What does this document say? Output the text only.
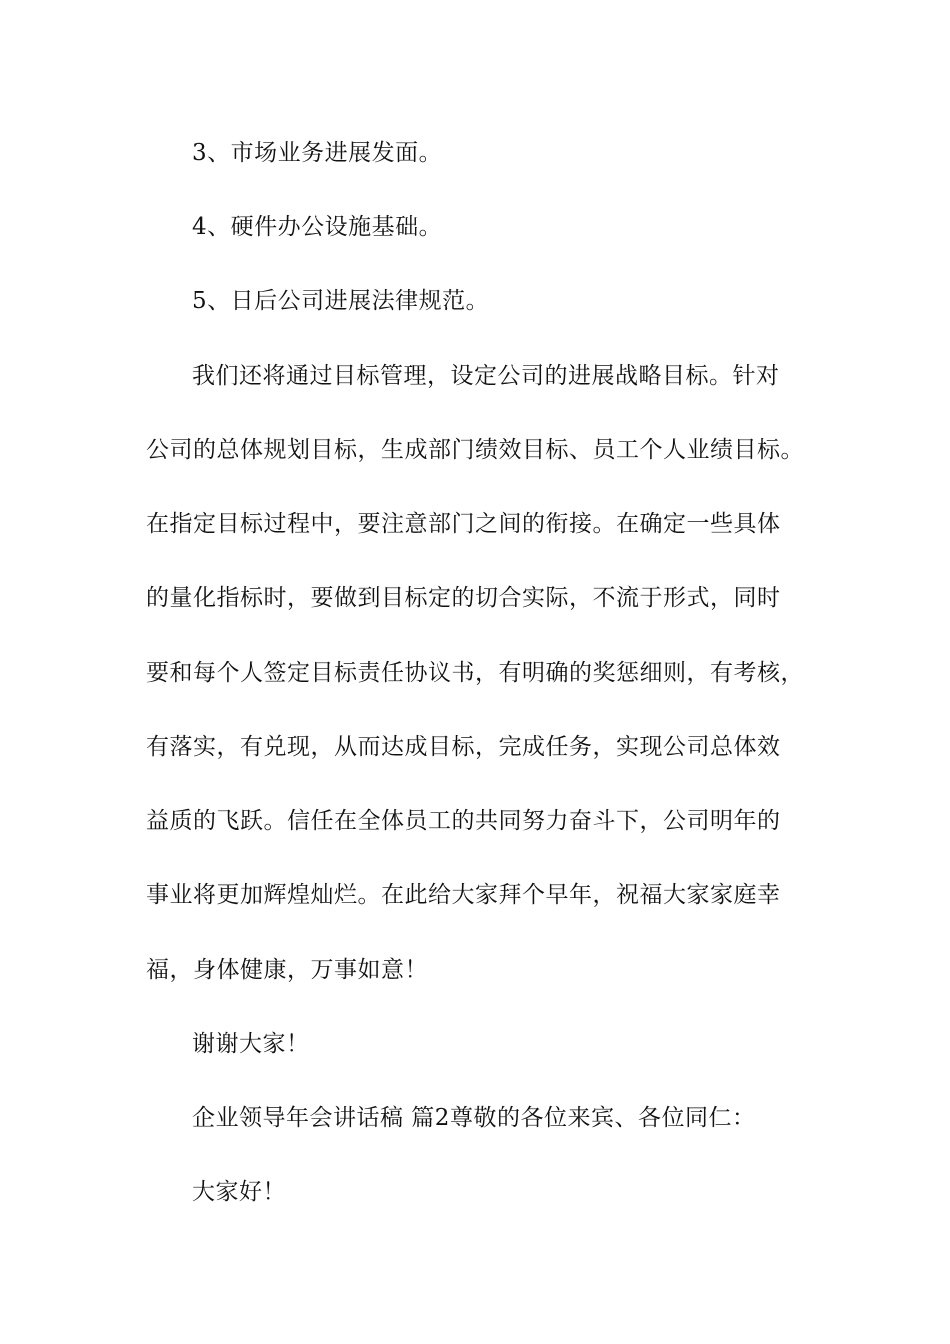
3、市场业务进展发面。
4、硬件办公设施基础。
5、日后公司进展法律规范。
我们还将通过目标管理，设定公司的进展战略目标。针对
公司的总体规划目标，生成部门绩效目标、员工个人业绩目标。
在指定目标过程中，要注意部门之间的衔接。在确定一些具体
的量化指标时，要做到目标定的切合实际，不流于形式，同时
要和每个人签定目标责任协议书，有明确的奖惩细则，有考核，
有落实，有兑现，从而达成目标，完成任务，实现公司总体效
益质的飞跃。信任在全体员工的共同努力奋斗下，公司明年的
事业将更加辉煌灿烂。在此给大家拜个早年，祝福大家家庭幸
福，身体健康，万事如意！
谢谢大家！
企业领导年会讲话稿 篇2尊敬的各位来宾、各位同仁：
大家好！
